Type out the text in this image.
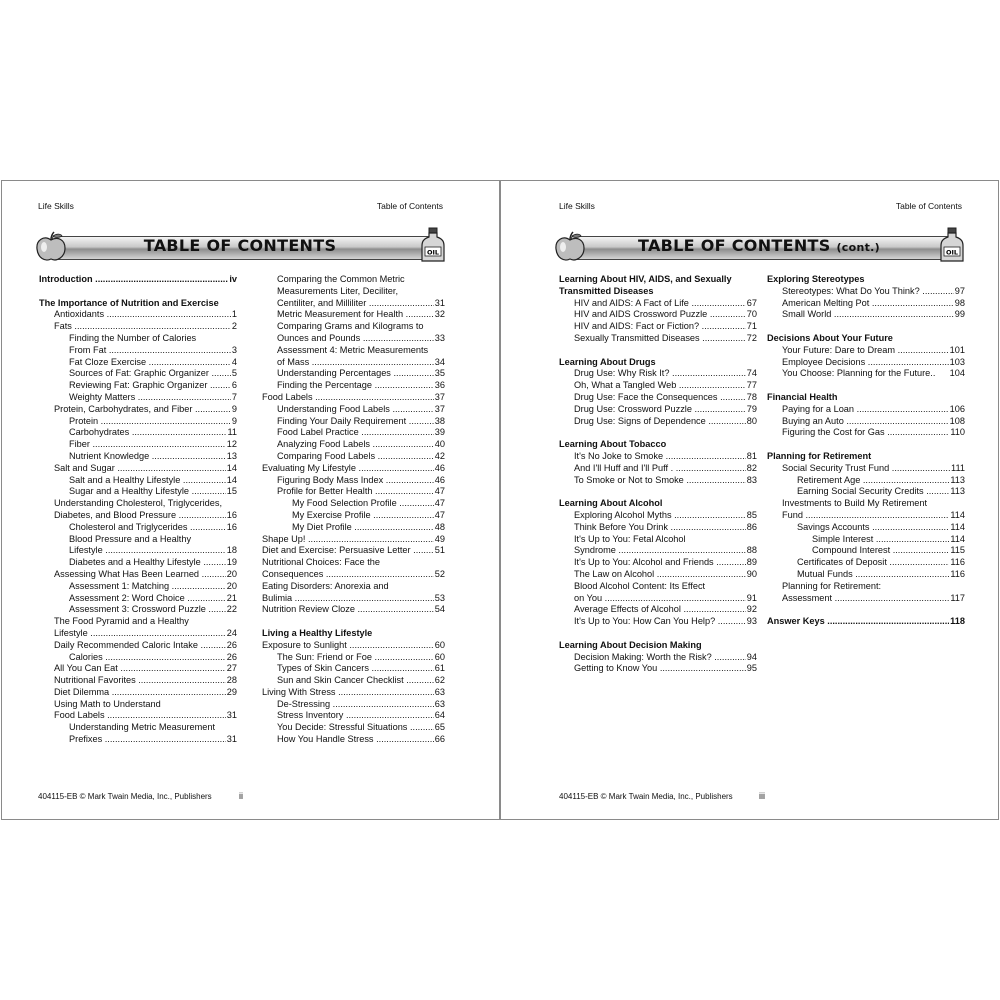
Life Skills	Table of Contents
TABLE OF CONTENTS	OIL
Introduction .....	iv
The Importance of Nutrition and Exercise
Antioxidants .....	1
Fats .....	2
Finding the Number of Calories
From Fat .....	3
Fat Cloze Exercise .....	4
Sources of Fat: Graphic Organizer ..... 5
Reviewing Fat: Graphic Organizer .....	6
Weighty Matters .....	7
Protein, Carbohydrates, and Fiber .....	9
Protein .....	9
Carbohydrates .....	11
Fiber .....	12
Nutrient Knowledge .....	13
Salt and Sugar .....	14
Salt and a Healthy Lifestyle .....	14
Sugar and a Healthy Lifestyle .....	15
Understanding Cholesterol, Triglycerides,
Diabetes, and Blood Pressure .....	16
Cholesterol and Triglycerides .....	16
Blood Pressure and a Healthy
Lifestyle .....	18
Diabetes and a Healthy Lifestyle .....	19
Assessing What Has Been Learned .....	20
Assessment 1: Matching .....	20
Assessment 2: Word Choice .....	21
Assessment 3: Crossword Puzzle ..... 22
The Food Pyramid and a Healthy
Lifestyle .....	24
Daily Recommended Caloric Intake .....	26
Calories .....	26
All You Can Eat .....	27
Nutritional Favorites .....	28
Diet Dilemma .....	29
Using Math to Understand
Food Labels .....	31
Understanding Metric Measurement
Prefixes .....	31
Comparing the Common Metric
Measurements Liter, Deciliter,
Centiliter, and Milliliter .....	31
Metric Measurement for Health .....	32
Comparing Grams and Kilograms to
Ounces and Pounds .....	33
Assessment 4: Metric Measurements
of Mass .....	34
Understanding Percentages .....	35
Finding the Percentage .....	36
Food Labels .....	37
Understanding Food Labels .....	37
Finding Your Daily Requirement .....	38
Food Label Practice .....	39
Analyzing Food Labels .....	40
Comparing Food Labels .....	42
Evaluating My Lifestyle .....	46
Figuring Body Mass Index .....	46
Profile for Better Health .....	47
My Food Selection Profile .....	47
My Exercise Profile .....	47
My Diet Profile .....	48
Shape Up! .....	49
Diet and Exercise: Persuasive Letter .....	51
Nutritional Choices: Face the
Consequences .....	52
Eating Disorders: Anorexia and
Bulimia .....	53
Nutrition Review Cloze .....	54
Living a Healthy Lifestyle
Exposure to Sunlight .....	60
The Sun: Friend or Foe .....	60
Types of Skin Cancers .....	61
Sun and Skin Cancer Checklist .....	62
Living With Stress .....	63
De-Stressing .....	63
Stress Inventory .....	64
You Decide: Stressful Situations .....	65
How You Handle Stress .....	66
404115-EB © Mark Twain Media, Inc., Publishers	ii
Life Skills	Table of Contents
TABLE OF CONTENTS (cont.)	OIL
Learning About HIV, AIDS, and Sexually
Transmitted Diseases
HIV and AIDS: A Fact of Life .....	67
HIV and AIDS Crossword Puzzle .....	70
HIV and AIDS: Fact or Fiction? .....	71
Sexually Transmitted Diseases .....	72
Learning About Drugs
Drug Use: Why Risk It? .....	74
Oh, What a Tangled Web .....	77
Drug Use: Face the Consequences .....	78
Drug Use: Crossword Puzzle .....	79
Drug Use: Signs of Dependence .....	80
Learning About Tobacco
It's No Joke to Smoke .....	81
And I'll Huff and I'll Puff . .....	82
To Smoke or Not to Smoke .....	83
Learning About Alcohol
Exploring Alcohol Myths .....	85
Think Before You Drink .....	86
It's Up to You: Fetal Alcohol
Syndrome .....	88
It's Up to You: Alcohol and Friends .....	89
The Law on Alcohol .....	90
Blood Alcohol Content: Its Effect
on You .....	91
Average Effects of Alcohol .....	92
It's Up to You: How Can You Help? .....	93
Learning About Decision Making
Decision Making: Worth the Risk? .....	94
Getting to Know You .....	95
Exploring Stereotypes
Stereotypes: What Do You Think? .....	97
American Melting Pot .....	98
Small World .....	99
Decisions About Your Future
Your Future: Dare to Dream .....	101
Employee Decisions .....	103
You Choose: Planning for the Future.. 104
Financial Health
Paying for a Loan .....	106
Buying an Auto .....	108
Figuring the Cost for Gas .....	110
Planning for Retirement
Social Security Trust Fund .....	111
Retirement Age .....	113
Earning Social Security Credits .....	113
Investments to Build My Retirement
Fund .....	114
Savings Accounts .....	114
Simple Interest .....	114
Compound Interest .....	115
Certificates of Deposit .....	116
Mutual Funds .....	116
Planning for Retirement:
Assessment .....	117
Answer Keys .....	118
404115-EB © Mark Twain Media, Inc., Publishers	iii
